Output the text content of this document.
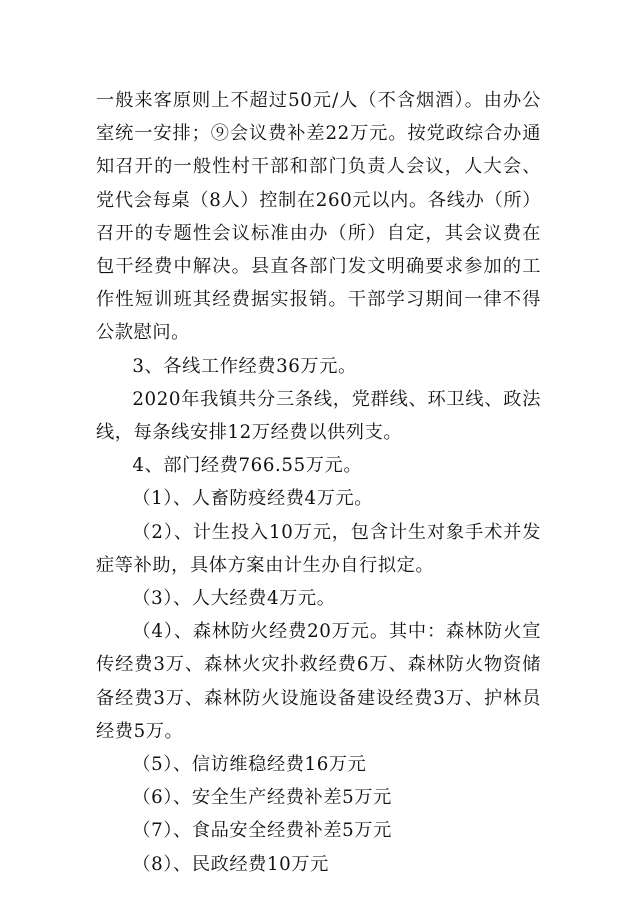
一般来客原则上不超过50元/人（不含烟酒）。由办公室统一安排；⑨会议费补差22万元。按党政综合办通知召开的一般性村干部和部门负责人会议，人大会、党代会每桌（8人）控制在260元以内。各线办（所）召开的专题性会议标准由办（所）自定，其会议费在包干经费中解决。县直各部门发文明确要求参加的工作性短训班其经费据实报销。干部学习期间一律不得公款慰问。

3、各线工作经费36万元。

2020年我镇共分三条线，党群线、环卫线、政法线，每条线安排12万经费以供列支。

4、部门经费766.55万元。

（1）、人畜防疫经费4万元。

（2）、计生投入10万元，包含计生对象手术并发症等补助，具体方案由计生办自行拟定。

（3）、人大经费4万元。

（4）、森林防火经费20万元。其中：森林防火宣传经费3万、森林火灾扑救经费6万、森林防火物资储备经费3万、森林防火设施设备建设经费3万、护林员经费5万。

（5）、信访维稳经费16万元

（6）、安全生产经费补差5万元

（7）、食品安全经费补差5万元

（8）、民政经费10万元
